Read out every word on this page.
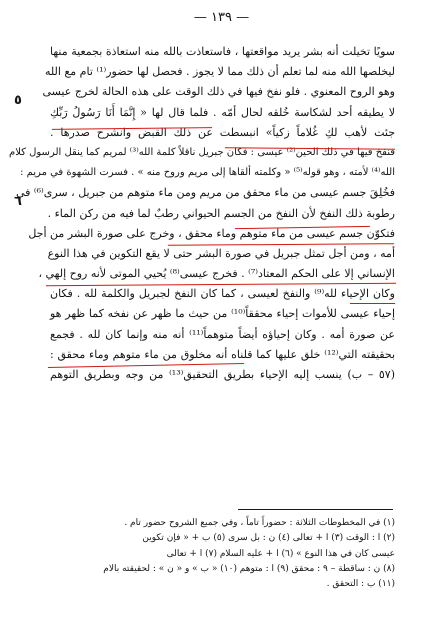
— ١٣٩ —
٥
٦
سويًا تخيلت أنه بشر يريد مواقعتها ، فاستعاذت بالله منه استعاذة بجمعية منها
ليخلصها الله منه لما تعلم أن ذلك مما لا يجوز . فحصل لها حضور⁽¹⁾ تام مع الله
وهو الروح المعنوي . فلو نفخ فيها في ذلك الوقت على هذه الحالة لخرج عيسى
لا يطيقه أحد لشكاسة خُلقه لحال أمّه . فلما قال لها « إِنَّمَا أَنَا رَسُولُ رَبِّكِ
جئت لأهب لكِ غُلاماً زكياً» انبسطت عن ذلك القبض وانشرح صدرها .
فنفخ فيها في ذلك الحين⁽²⁾ عيسى : فكان جبريل ناقلاً كلمة الله⁽³⁾ لمريم كما ينقل الرسول كلام
الله⁽⁴⁾ لأمته ، وهو قوله⁽⁵⁾ « وكلمته ألقاها إلى مريم وروح منه » . فسرت الشهوة في مريم :
فخُلِقَ جسم عيسى من ماء محقق من مريم ومن ماء متوهم من جبريل ، سرى⁽⁶⁾ في
رطوبة ذلك النفخ لأن النفخ من الجسم الحيواني رطبٌ لما فيه من ركن الماء .
فتكوّن جسم عيسى من ماء متوهم وماء محقق ، وخرج على صورة البشر من أجل
أمه ، ومن أجل تمثل جبريل في صورة البشر حتى لا يقع التكوين في هذا النوع
الإنساني إلا على الحكم المعتاد⁽⁷⁾ . فخرج عيسى⁽⁸⁾ يُحيي الموتى لأنه روح إلهي ،
وكان الإحياء لله⁽⁹⁾ والنفخ لعيسى ، كما كان النفخ لجبريل والكلمة لله . فكان
إحياء عيسى للأموات إحياء محققاً⁽¹⁰⁾ من حيث ما ظهر عن نفخه كما ظهر هو
عن صورة أمه . وكان إحياؤه أيضاً متوهماً⁽¹¹⁾ أنه منه وإنما كان لله . فجمع
بحقيقته التي⁽¹²⁾ خلق عليها كما قلناه أنه مخلوق من ماء متوهم وماء محقق :
(٥٧ – ب) ينسب إليه الإحياء بطريق التحقيق⁽¹³⁾ من وجه وبطريق التوهم
(١) في المخطوطات الثلاثة : حضوراً تاماً ، وفي جميع الشروح حضور تام .
(٢) ا : الوقت (٣) ا + تعالى (٤) ن : بل سرى (٥) ب + « فإن تكوين
عيسى كان في هذا النوع » (٦) ا + عليه السلام (٧) ا + تعالى
(٨) ن : ساقطة – ٩ : محقق (٩) ا : متوهم (١٠) « ب » و « ن » : لحقيقته بالام
(١١) ب : التحقق .
